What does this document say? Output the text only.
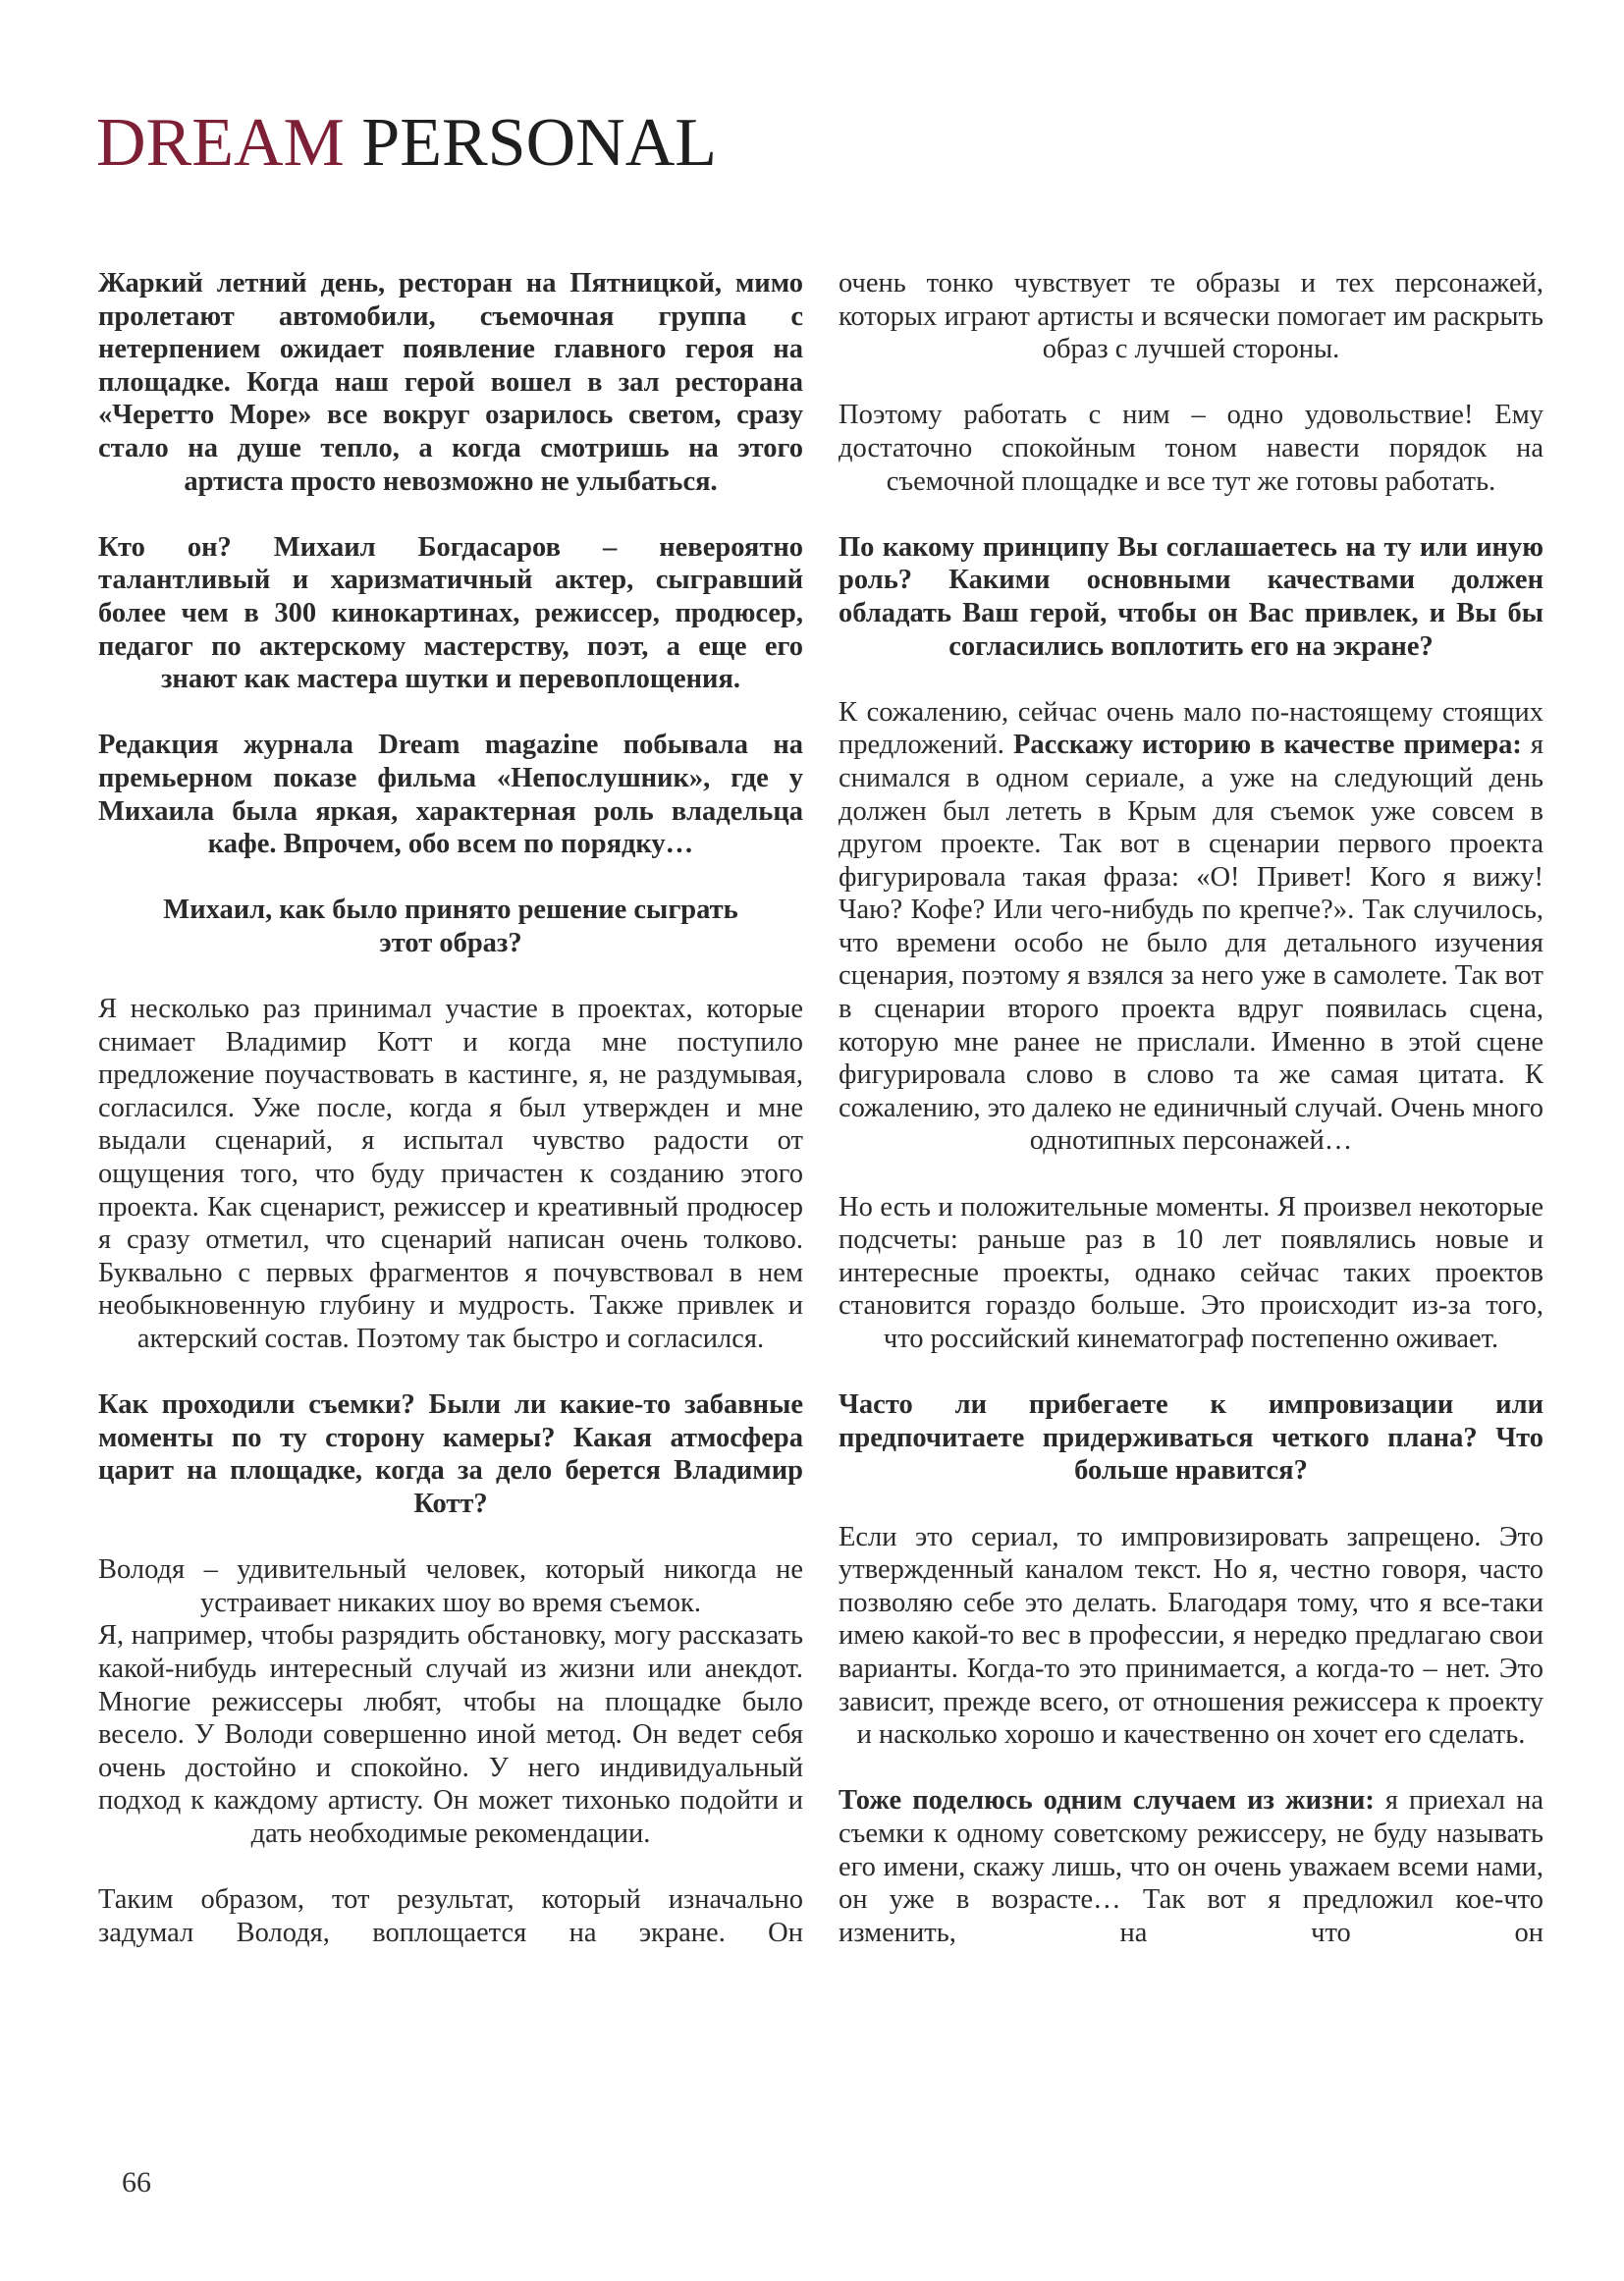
DREAM PERSONAL

Жаркий летний день, ресторан на Пятницкой, мимо пролетают автомобили, съемочная группа с нетерпением ожидает появление главного героя на площадке. Когда наш герой вошел в зал ресторана «Черетто Море» все вокруг озарилось светом, сразу стало на душе тепло, а когда смотришь на этого артиста просто невозможно не улыбаться.

Кто он? Михаил Богдасаров – невероятно талантливый и харизматичный актер, сыгравший более чем в 300 кинокартинах, режиссер, продюсер, педагог по актерскому мастерству, поэт, а еще его знают как мастера шутки и перевоплощения.

Редакция журнала Dream magazine побывала на премьерном показе фильма «Непослушник», где у Михаила была яркая, характерная роль владельца кафе. Впрочем, обо всем по порядку…

Михаил, как было принято решение сыграть этот образ?

Я несколько раз принимал участие в проектах, которые снимает Владимир Котт и когда мне поступило предложение поучаствовать в кастинге, я, не раздумывая, согласился. Уже после, когда я был утвержден и мне выдали сценарий, я испытал чувство радости от ощущения того, что буду причастен к созданию этого проекта. Как сценарист, режиссер и креативный продюсер я сразу отметил, что сценарий написан очень толково. Буквально с первых фрагментов я почувствовал в нем необыкновенную глубину и мудрость. Также привлек и актерский состав. Поэтому так быстро и согласился.

Как проходили съемки? Были ли какие-то забавные моменты по ту сторону камеры? Какая атмосфера царит на площадке, когда за дело берется Владимир Котт?

Володя – удивительный человек, который никогда не устраивает никаких шоу во время съемок.

Я, например, чтобы разрядить обстановку, могу рассказать какой-нибудь интересный случай из жизни или анекдот. Многие режиссеры любят, чтобы на площадке было весело. У Володи совершенно иной метод. Он ведет себя очень достойно и спокойно. У него индивидуальный подход к каждому артисту. Он может тихонько подойти и дать необходимые рекомендации.

Таким образом, тот результат, который изначально задумал Володя, воплощается на экране. Он

очень тонко чувствует те образы и тех персонажей, которых играют артисты и всячески помогает им раскрыть образ с лучшей стороны.

Поэтому работать с ним – одно удовольствие! Ему достаточно спокойным тоном навести порядок на съемочной площадке и все тут же готовы работать.

По какому принципу Вы соглашаетесь на ту или иную роль? Какими основными качествами должен обладать Ваш герой, чтобы он Вас привлек, и Вы бы согласились воплотить его на экране?

К сожалению, сейчас очень мало по-настоящему стоящих предложений. Расскажу историю в качестве примера: я снимался в одном сериале, а уже на следующий день должен был лететь в Крым для съемок уже совсем в другом проекте. Так вот в сценарии первого проекта фигурировала такая фраза: «О! Привет! Кого я вижу! Чаю? Кофе? Или чего-нибудь по крепче?». Так случилось, что времени особо не было для детального изучения сценария, поэтому я взялся за него уже в самолете. Так вот в сценарии второго проекта вдруг появилась сцена, которую мне ранее не прислали. Именно в этой сцене фигурировала слово в слово та же самая цитата. К сожалению, это далеко не единичный случай. Очень много однотипных персонажей…

Но есть и положительные моменты. Я произвел некоторые подсчеты: раньше раз в 10 лет появлялись новые и интересные проекты, однако сейчас таких проектов становится гораздо больше. Это происходит из-за того, что российский кинематограф постепенно оживает.

Часто ли прибегаете к импровизации или предпочитаете придерживаться четкого плана? Что больше нравится?

Если это сериал, то импровизировать запрещено. Это утвержденный каналом текст. Но я, честно говоря, часто позволяю себе это делать. Благодаря тому, что я все-таки имею какой-то вес в профессии, я нередко предлагаю свои варианты. Когда-то это принимается, а когда-то – нет. Это зависит, прежде всего, от отношения режиссера к проекту и насколько хорошо и качественно он хочет его сделать.

Тоже поделюсь одним случаем из жизни: я приехал на съемки к одному советскому режиссеру, не буду называть его имени, скажу лишь, что он очень уважаем всеми нами, он уже в возрасте… Так вот я предложил кое-что изменить, на что он

66
